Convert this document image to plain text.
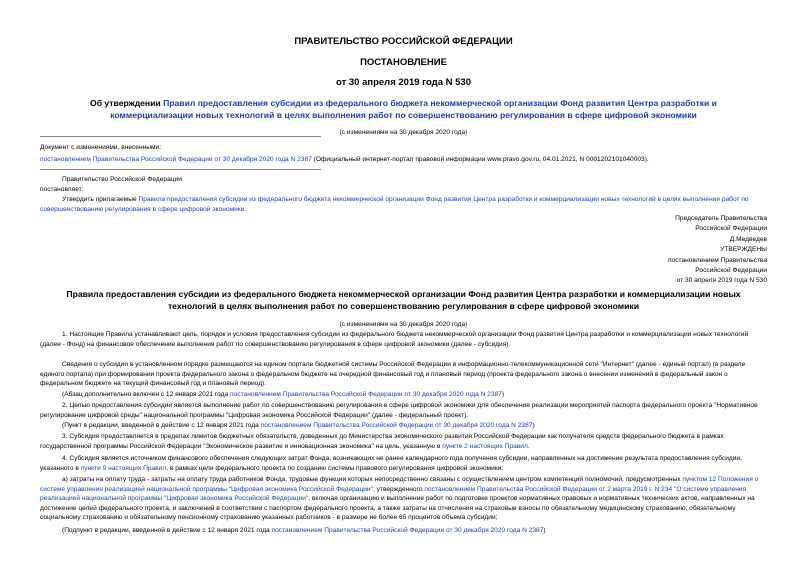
ПРАВИТЕЛЬСТВО РОССИЙСКОЙ ФЕДЕРАЦИИ
ПОСТАНОВЛЕНИЕ
от 30 апреля 2019 года N 530
Об утверждении Правил предоставления субсидии из федерального бюджета некоммерческой организации Фонд развития Центра разработки и
коммерциализации новых технологий в целях выполнения работ по совершенствованию регулирования в сфере цифровой экономики
(с изменениями на 30 декабря 2020 года)
Документ с изменениями, внесенными:
постановлением Правительства Российской Федерации от 30 декабря 2020 года N 2387 (Официальный интернет-портал правовой информации www.pravo.gov.ru, 04.01.2021, N 0001202101040003).
Правительство Российской Федерации
постановляет:
Утвердить прилагаемые Правила предоставления субсидии из федерального бюджета некоммерческой организации Фонд развития Центра разработки и коммерциализации новых технологий в целях выполнения работ по совершенствованию регулирования в сфере цифровой экономики.
Председатель Правительства
Российской Федерации
Д.Медведев
УТВЕРЖДЕНЫ
постановлением Правительства
Российской Федерации
от 30 апреля 2019 года N 530
Правила предоставления субсидии из федерального бюджета некоммерческой организации Фонд развития Центра разработки и коммерциализации новых
технологий в целях выполнения работ по совершенствованию регулирования в сфере цифровой экономики
(с изменениями на 30 декабря 2020 года)
1. Настоящие Правила устанавливают цель, порядок и условия предоставления субсидии из федерального бюджета некоммерческой организации Фонд развития Центра разработки и коммерциализации новых технологий (далее - Фонд) на финансовое обеспечение выполнения работ по совершенствованию регулирования в сфере цифровой экономики (далее - субсидия).
Сведения о субсидии в установленном порядке размещаются на едином портале бюджетной системы Российской Федерации в информационно-телекоммуникационной сети "Интернет" (далее - единый портал) (в разделе единого портала) при формировании проекта федерального закона о федеральном бюджете на очередной финансовый год и плановый период (проекта федерального закона о внесении изменений в федеральный закон о федеральном бюджете на текущий финансовый год и плановый период).
(Абзац дополнительно включен с 12 января 2021 года постановлением Правительства Российской Федерации от 30 декабря 2020 года N 2387)
2. Целью предоставления субсидии является выполнение работ по совершенствованию регулирования в сфере цифровой экономики для обеспечения реализации мероприятий паспорта федерального проекта "Нормативное регулирование цифровой среды" национальной программы "Цифровая экономика Российской Федерации" (далее - федеральный проект).
(Пункт в редакции, введенной в действие с 12 января 2021 года постановлением Правительства Российской Федерации от 30 декабря 2020 года N 2387)
3. Субсидия предоставляется в пределах лимитов бюджетных обязательств, доведенных до Министерства экономического развития Российской Федерации как получателя средств федерального бюджета в рамках государственной программы Российской Федерации "Экономическое развитие и инновационная экономика" на цель, указанную в пункте 2 настоящих Правил.
4. Субсидия является источником финансового обеспечения следующих затрат Фонда, возникающих не ранее календарного года получения субсидии, направленных на достижение результата предоставления субсидии, указанного в пункте 9 настоящих Правил, в рамках цели федерального проекта по созданию системы правового регулирования цифровой экономики:
а) затраты на оплату труда - затраты на оплату труда работников Фонда, трудовые функции которых непосредственно связаны с осуществлением центром компетенций полномочий, предусмотренных пунктом 12 Положения о системе управления реализацией национальной программы "Цифровая экономика Российской Федерации", утвержденного постановлением Правительства Российской Федерации от 2 марта 2019 г. N 234 "О системе управления реализацией национальной программы "Цифровая экономика Российской Федерации", включая организацию и выполнение работ по подготовке проектов нормативных правовых и нормативных технических актов, направленных на достижение целей федерального проекта, и заключений в соответствии с паспортом федерального проекта, а также затраты на отчисления на страховые взносы по обязательному медицинскому страхованию, обязательному социальному страхованию и обязательному пенсионному страхованию указанных работников - в размере не более 65 процентов объема субсидии;
(Подпункт в редакции, введенной в действие с 12 января 2021 года постановлением Правительства Российской Федерации от 30 декабря 2020 года N 2387)
